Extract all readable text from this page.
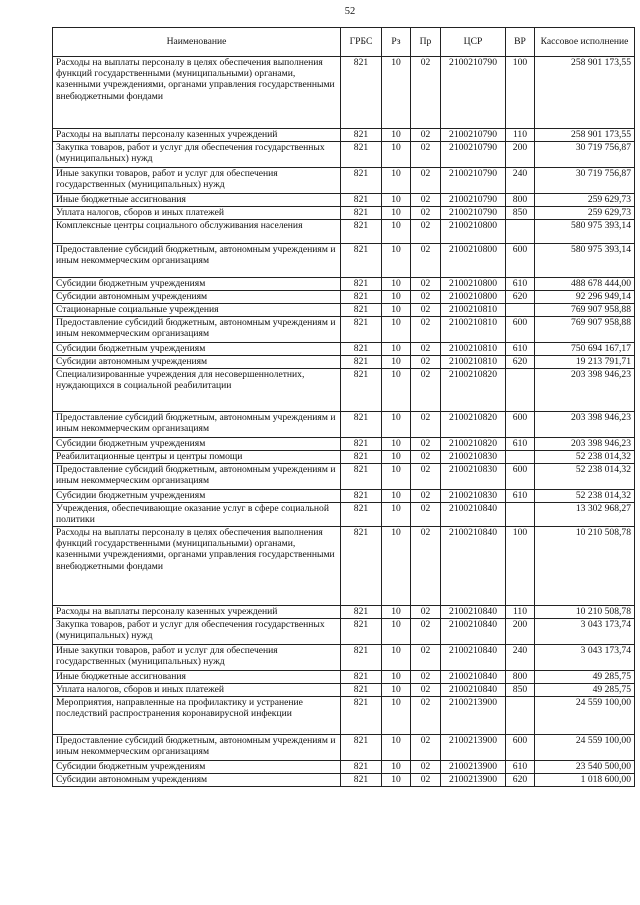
52
Наименование	ГРБС	Рз	Пр	ЦСР	ВР	Кассовое исполнение
Расходы на выплаты персоналу в целях обеспечения выполнения функций государственными (муниципальными) органами, казенными учреждениями, органами управления государственными внебюджетными фондами	821	10	02	2100210790	100	258 901 173,55
Расходы на выплаты персоналу казенных учреждений	821	10	02	2100210790	110	258 901 173,55
Закупка товаров, работ и услуг для обеспечения государственных (муниципальных) нужд	821	10	02	2100210790	200	30 719 756,87
Иные закупки товаров, работ и услуг для обеспечения государственных (муниципальных) нужд	821	10	02	2100210790	240	30 719 756,87
Иные бюджетные ассигнования	821	10	02	2100210790	800	259 629,73
Уплата налогов, сборов и иных платежей	821	10	02	2100210790	850	259 629,73
Комплексные центры социального обслуживания населения	821	10	02	2100210800		580 975 393,14
Предоставление субсидий бюджетным, автономным учреждениям и иным некоммерческим организациям	821	10	02	2100210800	600	580 975 393,14
Субсидии бюджетным учреждениям	821	10	02	2100210800	610	488 678 444,00
Субсидии автономным учреждениям	821	10	02	2100210800	620	92 296 949,14
Стационарные социальные учреждения	821	10	02	2100210810		769 907 958,88
Предоставление субсидий бюджетным, автономным учреждениям и иным некоммерческим организациям	821	10	02	2100210810	600	769 907 958,88
Субсидии бюджетным учреждениям	821	10	02	2100210810	610	750 694 167,17
Субсидии автономным учреждениям	821	10	02	2100210810	620	19 213 791,71
Специализированные учреждения для несовершеннолетних, нуждающихся в социальной реабилитации	821	10	02	2100210820		203 398 946,23
Предоставление субсидий бюджетным, автономным учреждениям и иным некоммерческим организациям	821	10	02	2100210820	600	203 398 946,23
Субсидии бюджетным учреждениям	821	10	02	2100210820	610	203 398 946,23
Реабилитационные центры и центры помощи	821	10	02	2100210830		52 238 014,32
Предоставление субсидий бюджетным, автономным учреждениям и иным некоммерческим организациям	821	10	02	2100210830	600	52 238 014,32
Субсидии бюджетным учреждениям	821	10	02	2100210830	610	52 238 014,32
Учреждения, обеспечивающие оказание услуг в сфере социальной политики	821	10	02	2100210840		13 302 968,27
Расходы на выплаты персоналу в целях обеспечения выполнения функций государственными (муниципальными) органами, казенными учреждениями, органами управления государственными внебюджетными фондами	821	10	02	2100210840	100	10 210 508,78
Расходы на выплаты персоналу казенных учреждений	821	10	02	2100210840	110	10 210 508,78
Закупка товаров, работ и услуг для обеспечения государственных (муниципальных) нужд	821	10	02	2100210840	200	3 043 173,74
Иные закупки товаров, работ и услуг для обеспечения государственных (муниципальных) нужд	821	10	02	2100210840	240	3 043 173,74
Иные бюджетные ассигнования	821	10	02	2100210840	800	49 285,75
Уплата налогов, сборов и иных платежей	821	10	02	2100210840	850	49 285,75
Мероприятия, направленные на профилактику и устранение последствий распространения коронавирусной инфекции	821	10	02	2100213900		24 559 100,00
Предоставление субсидий бюджетным, автономным учреждениям и иным некоммерческим организациям	821	10	02	2100213900	600	24 559 100,00
Субсидии бюджетным учреждениям	821	10	02	2100213900	610	23 540 500,00
Субсидии автономным учреждениям	821	10	02	2100213900	620	1 018 600,00
